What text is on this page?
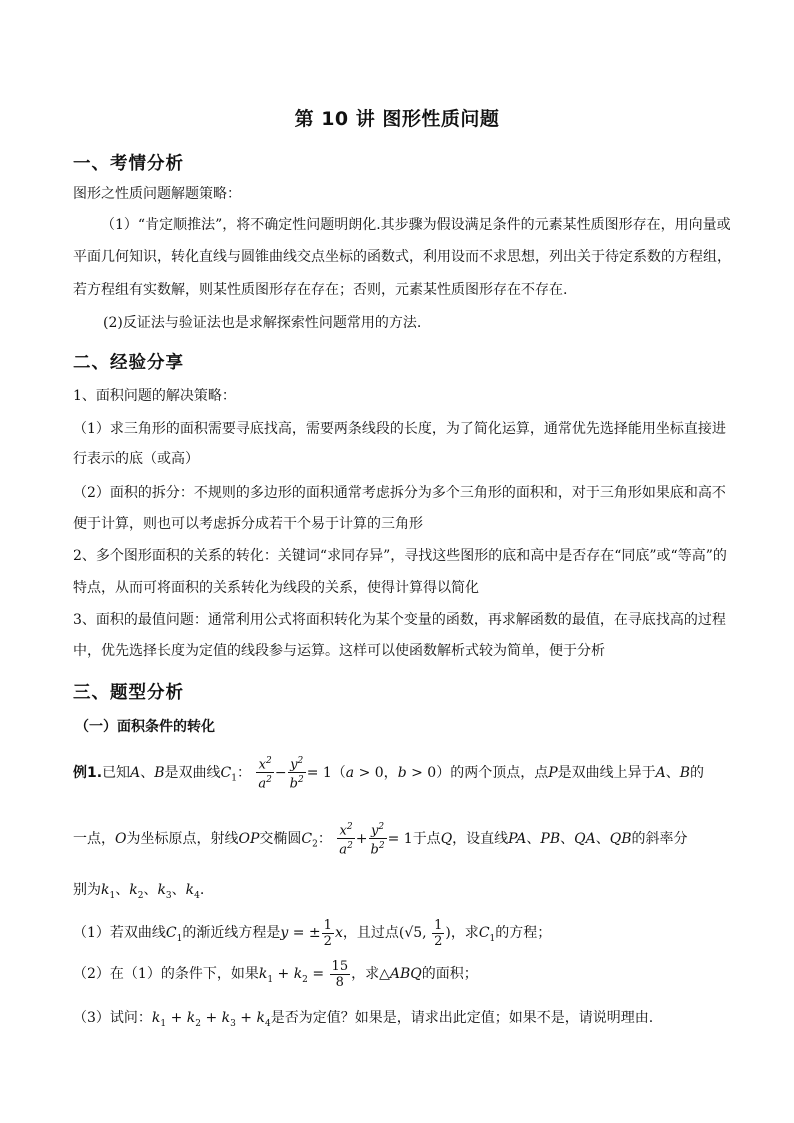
第 10 讲 图形性质问题
一、考情分析
图形之性质问题解题策略：
（1）“肯定顺推法”，将不确定性问题明朗化.其步骤为假设满足条件的元素某性质图形存在，用向量或
平面几何知识，转化直线与圆锥曲线交点坐标的函数式，利用设而不求思想，列出关于待定系数的方程组，
若方程组有实数解，则某性质图形存在存在；否则，元素某性质图形存在不存在.
(2)反证法与验证法也是求解探索性问题常用的方法.
二、经验分享
1、面积问题的解决策略：
（1）求三角形的面积需要寻底找高，需要两条线段的长度，为了简化运算，通常优先选择能用坐标直接进
行表示的底（或高）
（2）面积的拆分：不规则的多边形的面积通常考虑拆分为多个三角形的面积和，对于三角形如果底和高不
便于计算，则也可以考虑拆分成若干个易于计算的三角形
2、多个图形面积的关系的转化：关键词“求同存异”，寻找这些图形的底和高中是否存在“同底”或“等高”的
特点，从而可将面积的关系转化为线段的关系，使得计算得以简化
3、面积的最值问题：通常利用公式将面积转化为某个变量的函数，再求解函数的最值，在寻底找高的过程
中，优先选择长度为定值的线段参与运算。这样可以使函数解析式较为简单，便于分析
三、题型分析
（一）面积条件的转化
例1.已知A、B是双曲线$C_1$： $\frac{x^2}{a^2} - \frac{y^2}{b^2} = 1(a > 0$，b > 0）的两个顶点，点P是双曲线上异于A、B的
一点，O为坐标原点，射线OP交椭圆$C_2$： $\frac{x^2}{a^2} + \frac{y^2}{b^2} = 1$于点Q，设直线PA、PB、QA、QB的斜率分
别为$k_1$、$k_2$、$k_3$、$k_4$.
（1）若双曲线$C_1$的渐近线方程是y = ± $\frac{1}{2}$ x，且过点(√5, $\frac{1}{2}$ )，求$C_1$的方程；
（2）在（1）的条件下，如果$k_1 + k_2 = \frac{15}{8}$ ，求△ABQ的面积；
（3）试问：$k_1 + k_2 + k_3 + k_4$是否为定值？如果是，请求出此定值；如果不是，请说明理由.
